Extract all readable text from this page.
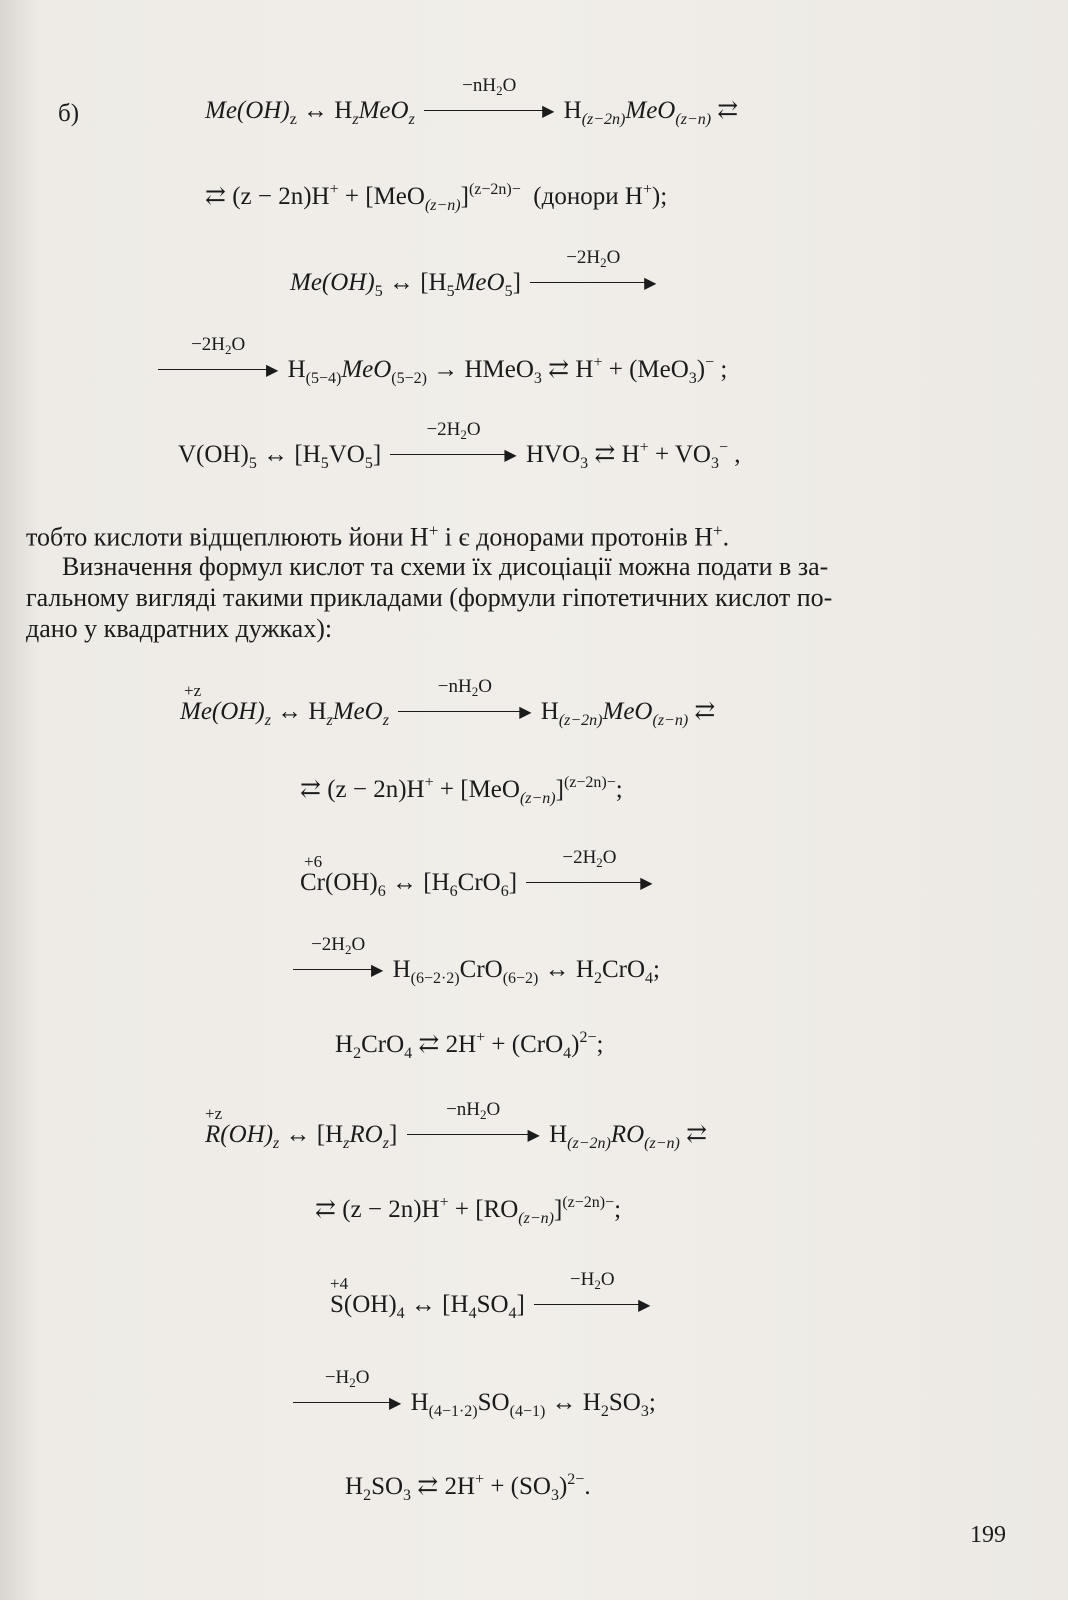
б)	$Me(OH)_z$ ↔ $H_zMeO_z$
$-nH_2O$
▶ $H_{(z-2n)}MeO_{(z-n)}$ ⇄
⇄ $(z - 2n)H^+ + [MeO_{(z-n)}]^{(z-2n)-}$ (донори H+);
$Me(OH)_5$ ↔ $[H_5MeO_5]$
$-2H_2O$
▶
$-2H_2O$
▶ $H_{(5-4)}MeO_{(5-2)}$ → HMeO$_3$ ⇄ H+ + (MeO$_3$)− ;
$V(OH)_5$ ↔ $[H_5VO_5]$
$-2H_2O$
▶ $HVO_3$ ⇄ $H^+ + VO_3^-$ ,
тобто кислоти відщеплюють йони H+ і є донорами протонів H+.
Визначення формул кислот та схеми їх дисоціації можна подати в за-
гальному вигляді такими прикладами (формули гіпотетичних кислот по-
дано у квадратних дужках):
+z
$Me(OH)_z$ ↔ $H_zMeO_z$
$-nH_2O$
▶ $H_{(z-2n)}MeO_{(z-n)}$ ⇄
⇄ $(z - 2n)H^+ + [MeO_{(z-n)}]^{(z-2n)-}$;
+6
$Cr(OH)_6$ ↔ $[H_6CrO_6]$
$-2H_2O$
▶
$-2H_2O$
▶ $H_{(6-2\cdot 2)}CrO_{(6-2)}$ ↔ $H_2CrO_4$;
$H_2CrO_4$ ⇄ $2H^+ + (CrO_4)^{2-}$;
+z
$R(OH)_z$ ↔ $[H_zRO_z]$
$-nH_2O$
▶ $H_{(z-2n)}RO_{(z-n)}$ ⇄
⇄ $(z - 2n)H^+ + [RO_{(z-n)}]^{(z-2n)-}$;
+4
$S(OH)_4$ ↔ $[H_4SO_4]$
$-H_2O$
▶
$-H_2O$
▶ $H_{(4-1\cdot 2)}SO_{(4-1)}$ ↔ $H_2SO_3$;
$H_2SO_3$ ⇄ $2H^+ + (SO_3)^{2-}$.
199
